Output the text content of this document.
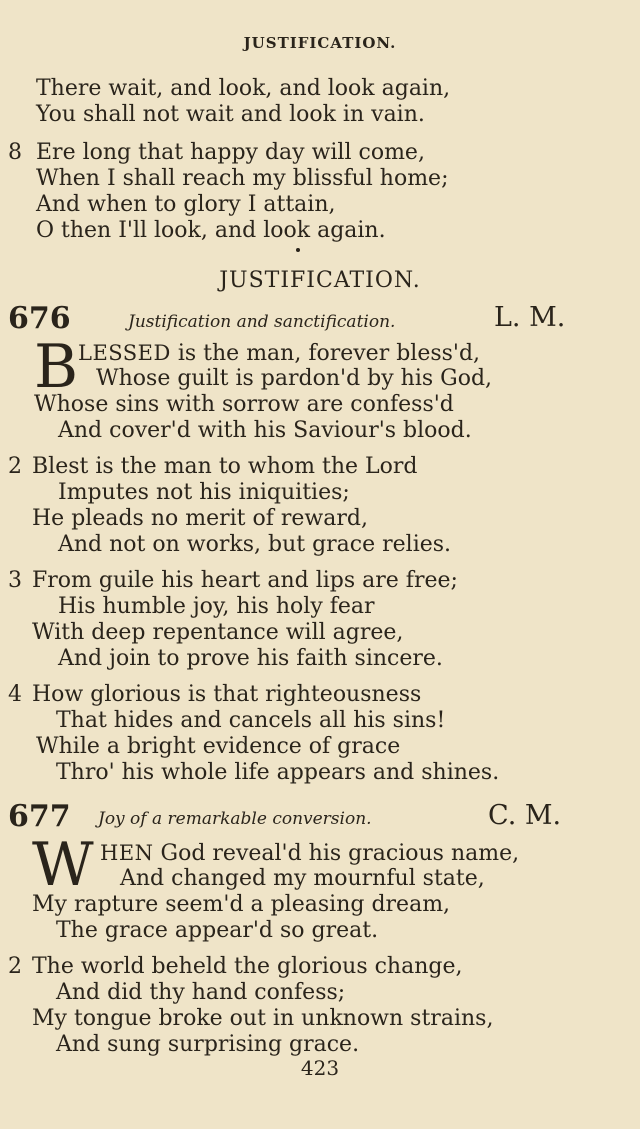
JUSTIFICATION.
There wait, and look, and look again,
You shall not wait and look in vain.
8 Ere long that happy day will come,
When I shall reach my blissful home;
And when to glory I attain,
O then I'll look, and look again.
JUSTIFICATION.
676	Justification and sanctification.	L. M.
B LESSED is the man, forever bless'd,
Whose guilt is pardon'd by his God,
Whose sins with sorrow are confess'd
And cover'd with his Saviour's blood.
2 Blest is the man to whom the Lord
Imputes not his iniquities;
He pleads no merit of reward,
And not on works, but grace relies.
3 From guile his heart and lips are free;
His humble joy, his holy fear
With deep repentance will agree,
And join to prove his faith sincere.
4 How glorious is that righteousness
That hides and cancels all his sins!
While a bright evidence of grace
Thro' his whole life appears and shines.
677 Joy of a remarkable conversion.	C. M.
W HEN God reveal'd his gracious name,
And changed my mournful state,
My rapture seem'd a pleasing dream,
The grace appear'd so great.
2 The world beheld the glorious change,
And did thy hand confess;
My tongue broke out in unknown strains,
And sung surprising grace.
423
